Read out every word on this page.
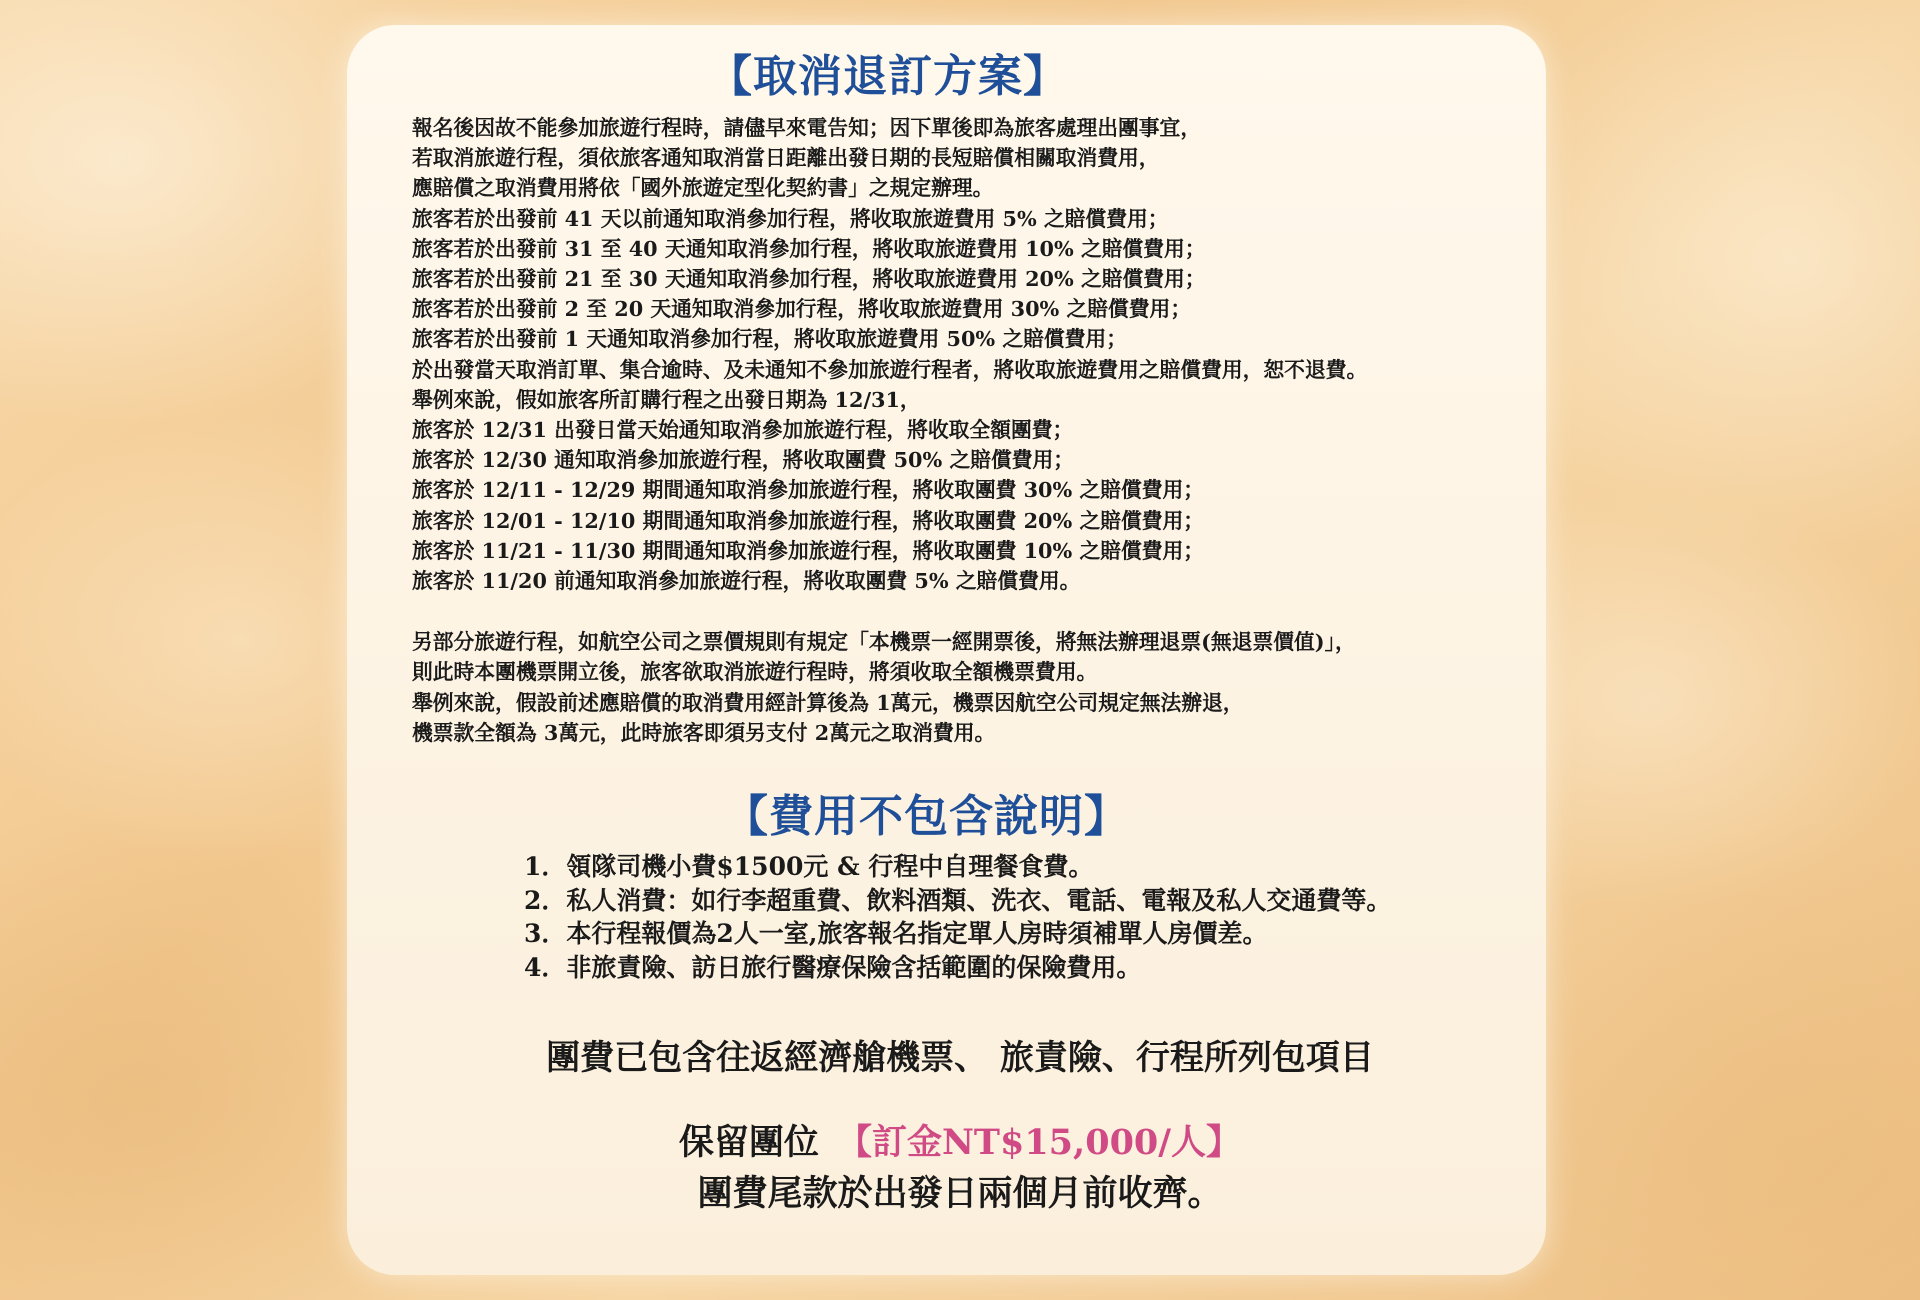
【取消退訂方案】
報名後因故不能參加旅遊行程時，請儘早來電告知；因下單後即為旅客處理出團事宜，
若取消旅遊行程，須依旅客通知取消當日距離出發日期的長短賠償相關取消費用，
應賠償之取消費用將依「國外旅遊定型化契約書」之規定辦理。
旅客若於出發前 41 天以前通知取消參加行程，將收取旅遊費用 5% 之賠償費用；
旅客若於出發前 31 至 40 天通知取消參加行程，將收取旅遊費用 10% 之賠償費用；
旅客若於出發前 21 至 30 天通知取消參加行程，將收取旅遊費用 20% 之賠償費用；
旅客若於出發前 2 至 20 天通知取消參加行程，將收取旅遊費用 30% 之賠償費用；
旅客若於出發前 1 天通知取消參加行程，將收取旅遊費用 50% 之賠償費用；
於出發當天取消訂單、集合逾時、及未通知不參加旅遊行程者，將收取旅遊費用之賠償費用，恕不退費。
舉例來說，假如旅客所訂購行程之出發日期為 12/31，
旅客於 12/31 出發日當天始通知取消參加旅遊行程，將收取全額團費；
旅客於 12/30 通知取消參加旅遊行程，將收取團費 50% 之賠償費用；
旅客於 12/11 - 12/29 期間通知取消參加旅遊行程，將收取團費 30% 之賠償費用；
旅客於 12/01 - 12/10 期間通知取消參加旅遊行程，將收取團費 20% 之賠償費用；
旅客於 11/21 - 11/30 期間通知取消參加旅遊行程，將收取團費 10% 之賠償費用；
旅客於 11/20 前通知取消參加旅遊行程，將收取團費 5% 之賠償費用。
另部分旅遊行程，如航空公司之票價規則有規定「本機票一經開票後，將無法辦理退票(無退票價值)」，
則此時本團機票開立後，旅客欲取消旅遊行程時，將須收取全額機票費用。
舉例來說，假設前述應賠償的取消費用經計算後為 1萬元，機票因航空公司規定無法辦退，
機票款全額為 3萬元，此時旅客即須另支付 2萬元之取消費用。
【費用不包含說明】
1．領隊司機小費$1500元 & 行程中自理餐食費。
2．私人消費：如行李超重費、飲料酒類、洗衣、電話、電報及私人交通費等。
3．本行程報價為2人一室,旅客報名指定單人房時須補單人房價差。
4．非旅責險、訪日旅行醫療保險含括範圍的保險費用。
團費已包含往返經濟艙機票、 旅責險、行程所列包項目
保留團位 【訂金NT$15,000/人】
團費尾款於出發日兩個月前收齊。
